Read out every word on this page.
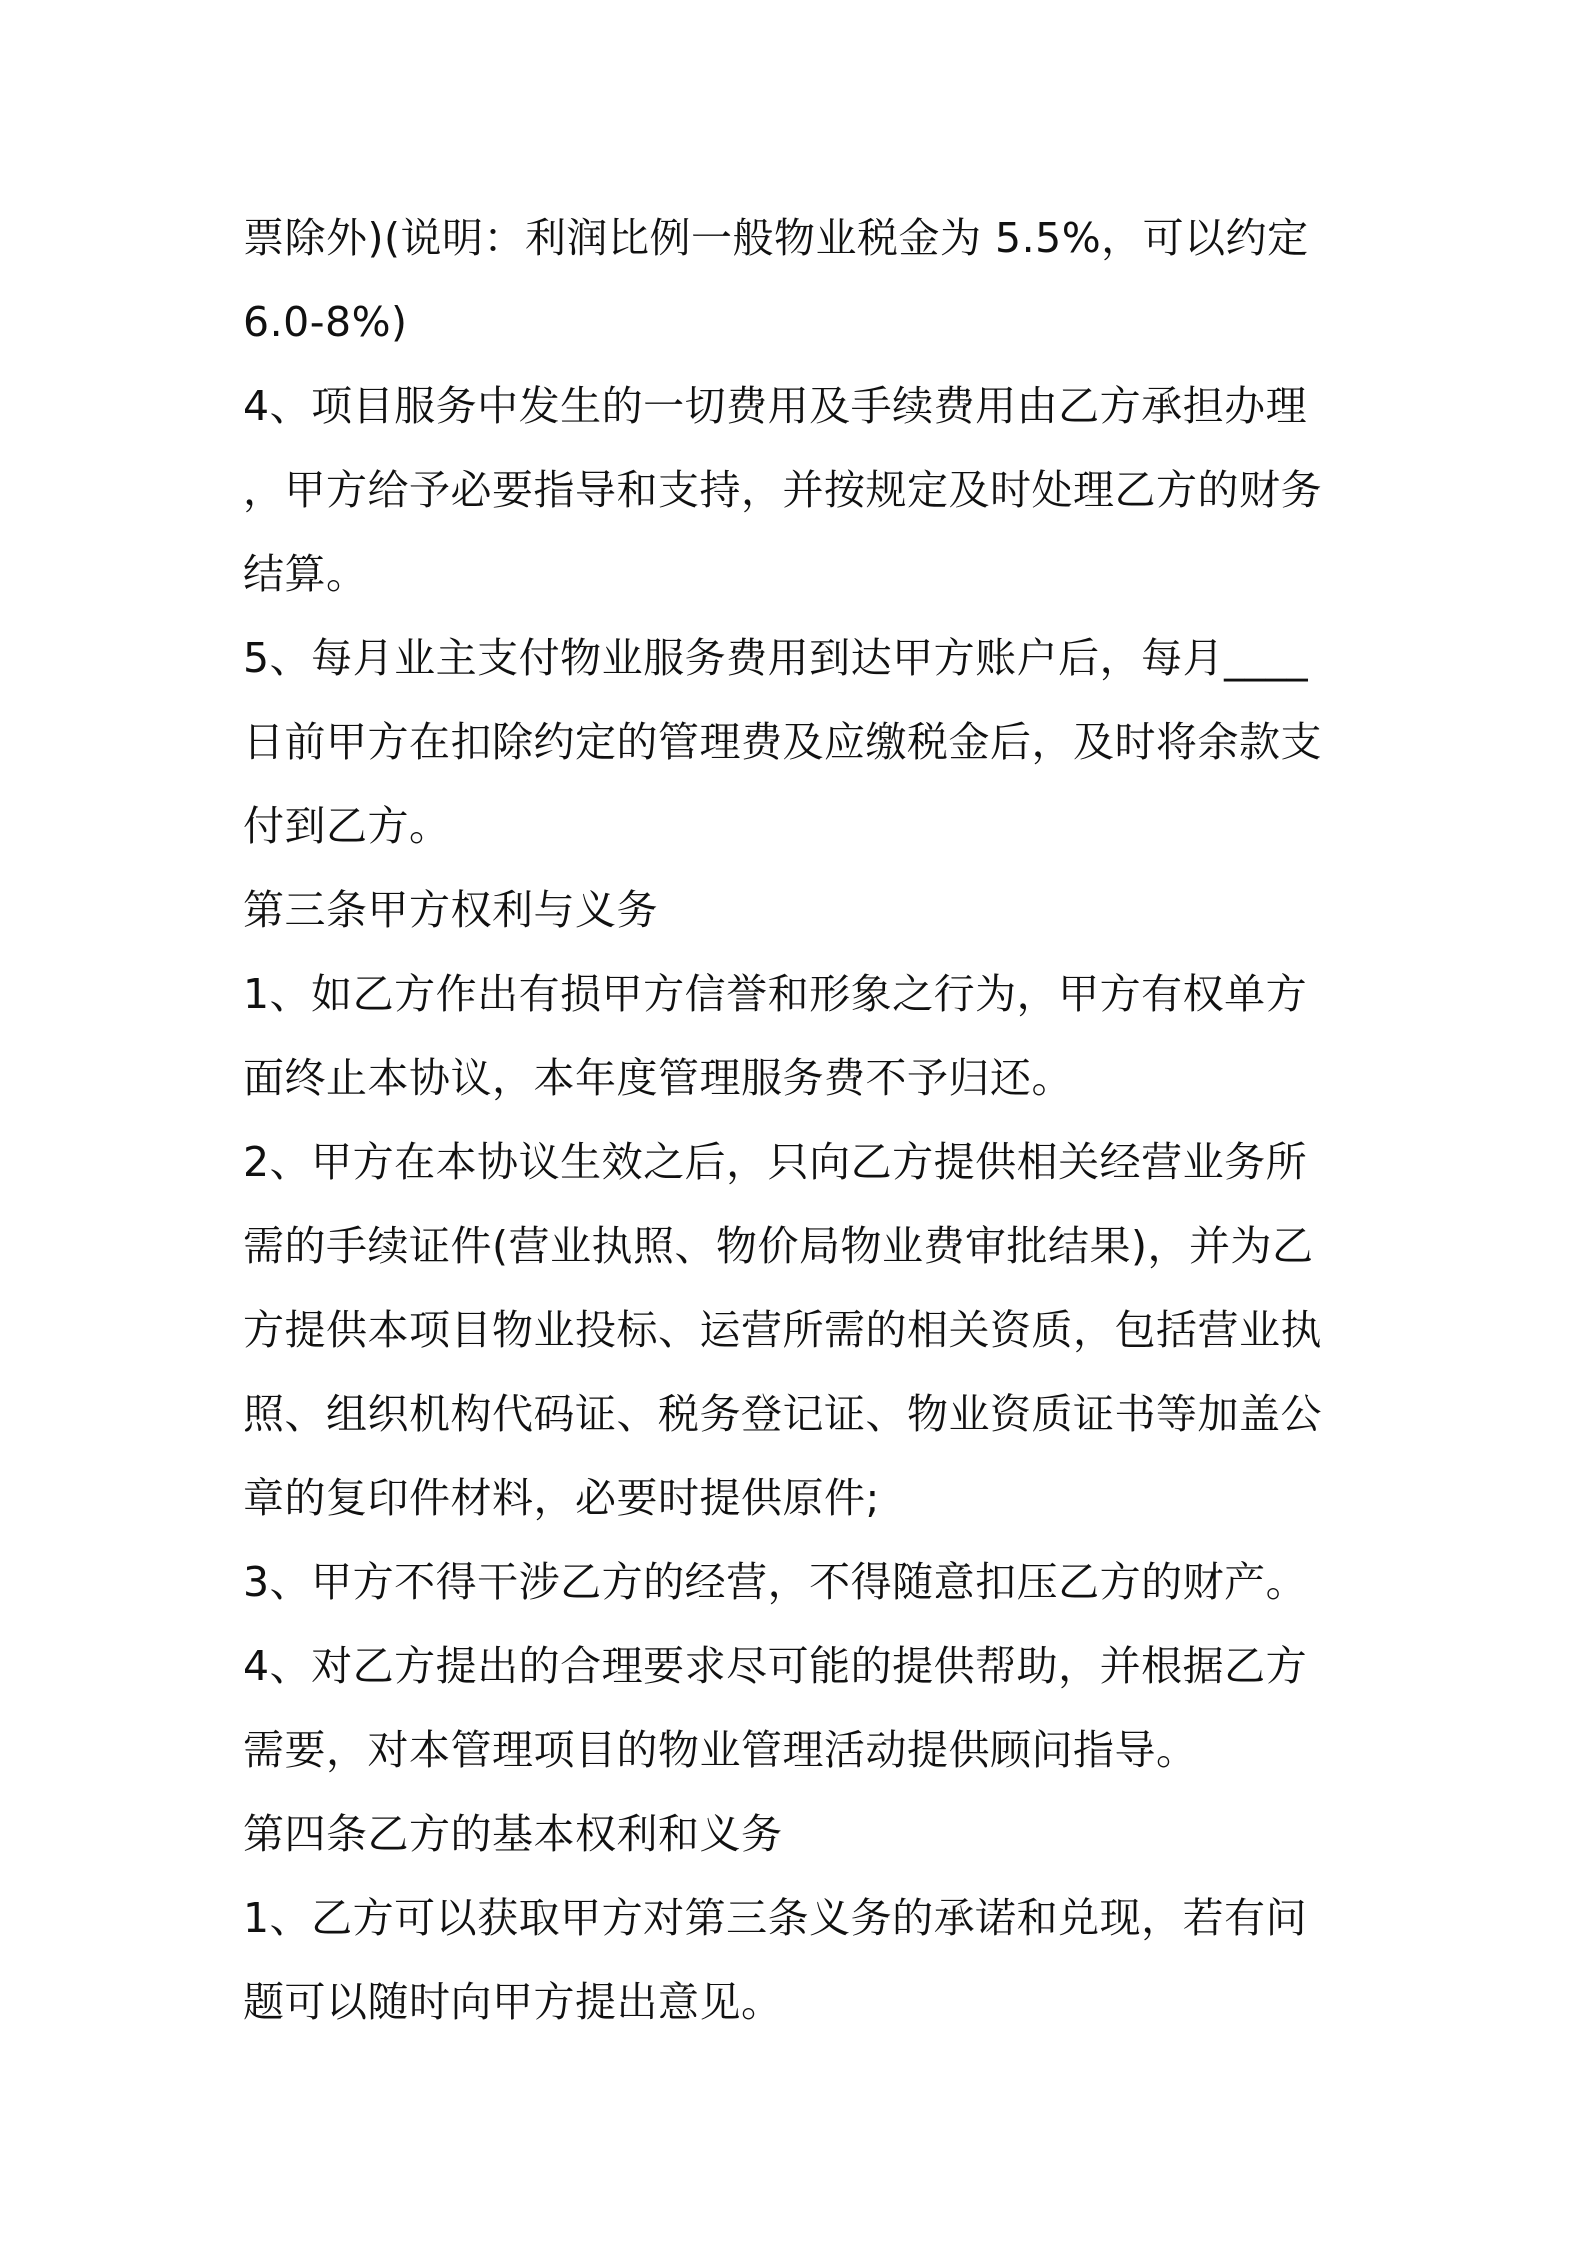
票除外)(说明：利润比例一般物业税金为 5.5%，可以约定

6.0-8%)

4、项目服务中发生的一切费用及手续费用由乙方承担办理

，甲方给予必要指导和支持，并按规定及时处理乙方的财务

结算。

5、每月业主支付物业服务费用到达甲方账户后，每月____

日前甲方在扣除约定的管理费及应缴税金后，及时将余款支

付到乙方。

第三条甲方权利与义务

1、如乙方作出有损甲方信誉和形象之行为，甲方有权单方

面终止本协议，本年度管理服务费不予归还。

2、甲方在本协议生效之后，只向乙方提供相关经营业务所

需的手续证件(营业执照、物价局物业费审批结果)，并为乙

方提供本项目物业投标、运营所需的相关资质，包括营业执

照、组织机构代码证、税务登记证、物业资质证书等加盖公

章的复印件材料，必要时提供原件;

3、甲方不得干涉乙方的经营，不得随意扣压乙方的财产。

4、对乙方提出的合理要求尽可能的提供帮助，并根据乙方

需要，对本管理项目的物业管理活动提供顾问指导。

第四条乙方的基本权利和义务

1、乙方可以获取甲方对第三条义务的承诺和兑现，若有问

题可以随时向甲方提出意见。
